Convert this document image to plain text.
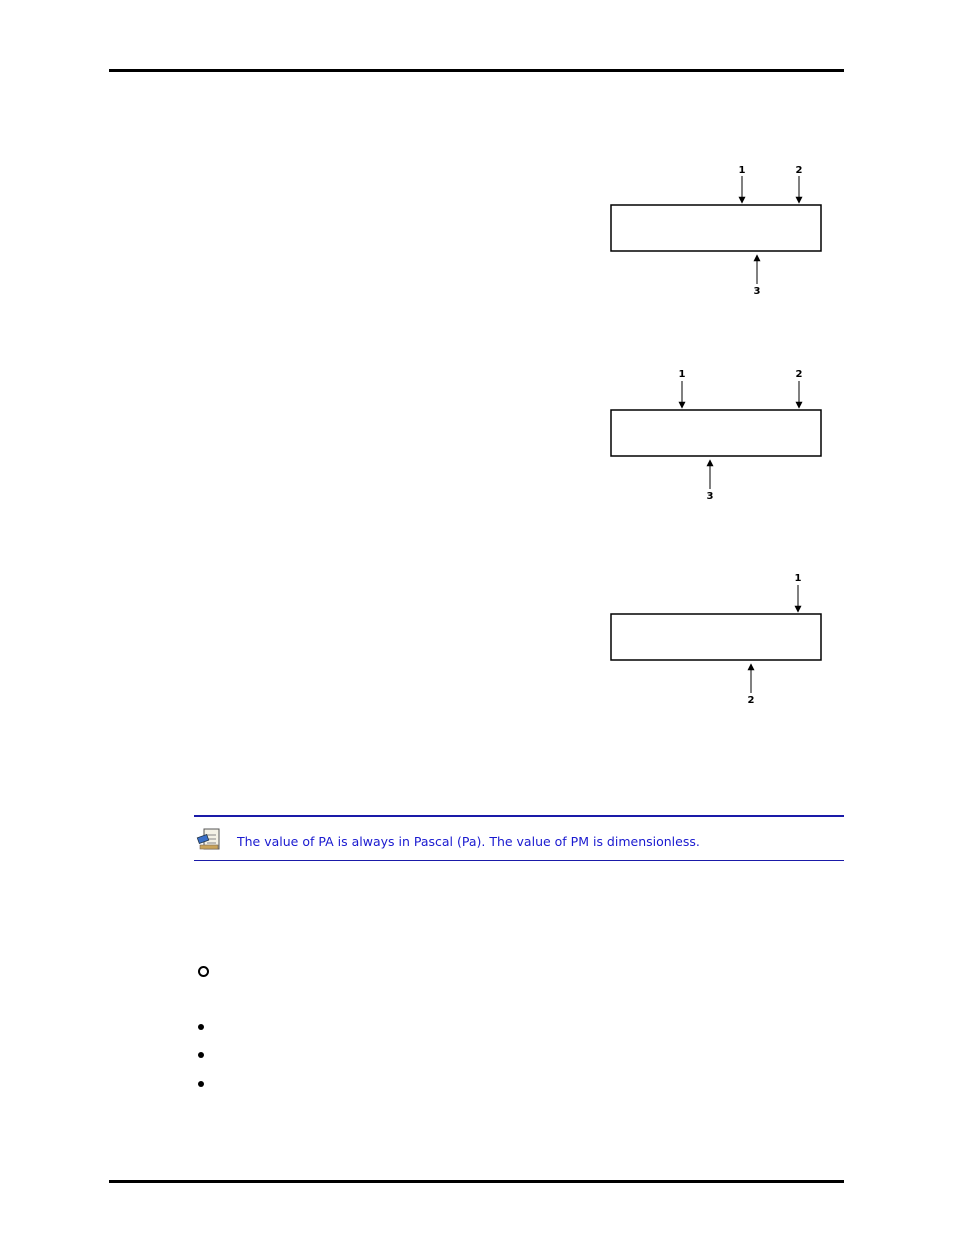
1	2
3
1	2
3
1
2
The value of PA is always in Pascal (Pa). The value of PM is dimensionless.
